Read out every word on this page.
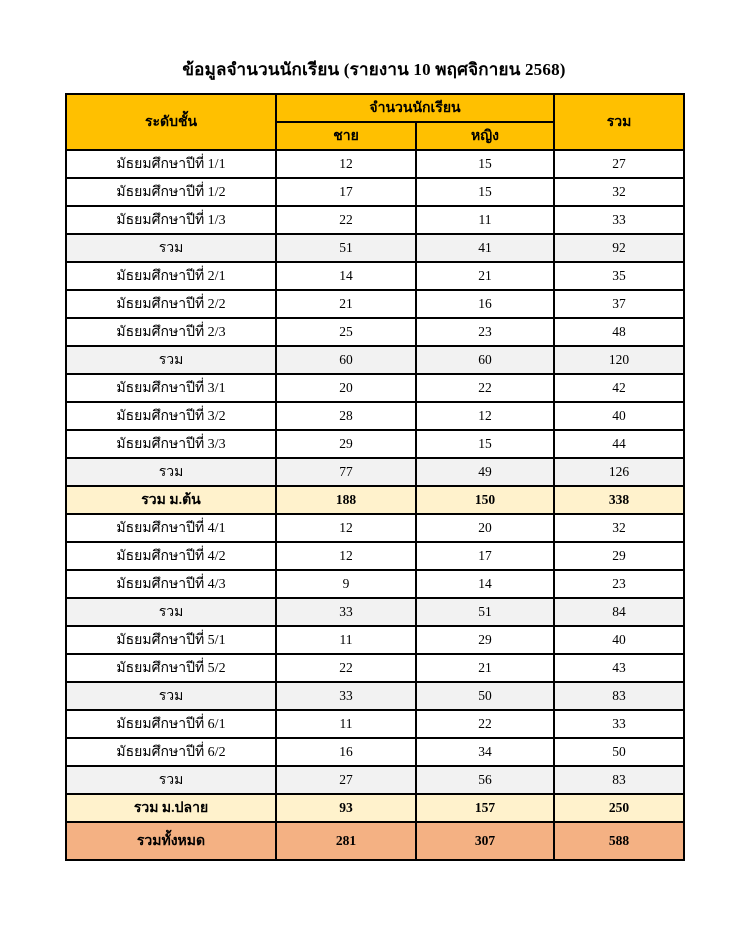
ข้อมูลจำนวนนักเรียน (รายงาน 10 พฤศจิกายน 2568)
ระดับชั้น	จำนวนนักเรียน		รวม
	ชาย	หญิง	
มัธยมศึกษาปีที่ 1/1	12	15	27
มัธยมศึกษาปีที่ 1/2	17	15	32
มัธยมศึกษาปีที่ 1/3	22	11	33
รวม	51	41	92
มัธยมศึกษาปีที่ 2/1	14	21	35
มัธยมศึกษาปีที่ 2/2	21	16	37
มัธยมศึกษาปีที่ 2/3	25	23	48
รวม	60	60	120
มัธยมศึกษาปีที่ 3/1	20	22	42
มัธยมศึกษาปีที่ 3/2	28	12	40
มัธยมศึกษาปีที่ 3/3	29	15	44
รวม	77	49	126
รวม ม.ต้น	188	150	338
มัธยมศึกษาปีที่ 4/1	12	20	32
มัธยมศึกษาปีที่ 4/2	12	17	29
มัธยมศึกษาปีที่ 4/3	9	14	23
รวม	33	51	84
มัธยมศึกษาปีที่ 5/1	11	29	40
มัธยมศึกษาปีที่ 5/2	22	21	43
รวม	33	50	83
มัธยมศึกษาปีที่ 6/1	11	22	33
มัธยมศึกษาปีที่ 6/2	16	34	50
รวม	27	56	83
รวม ม.ปลาย	93	157	250
รวมทั้งหมด	281	307	588
